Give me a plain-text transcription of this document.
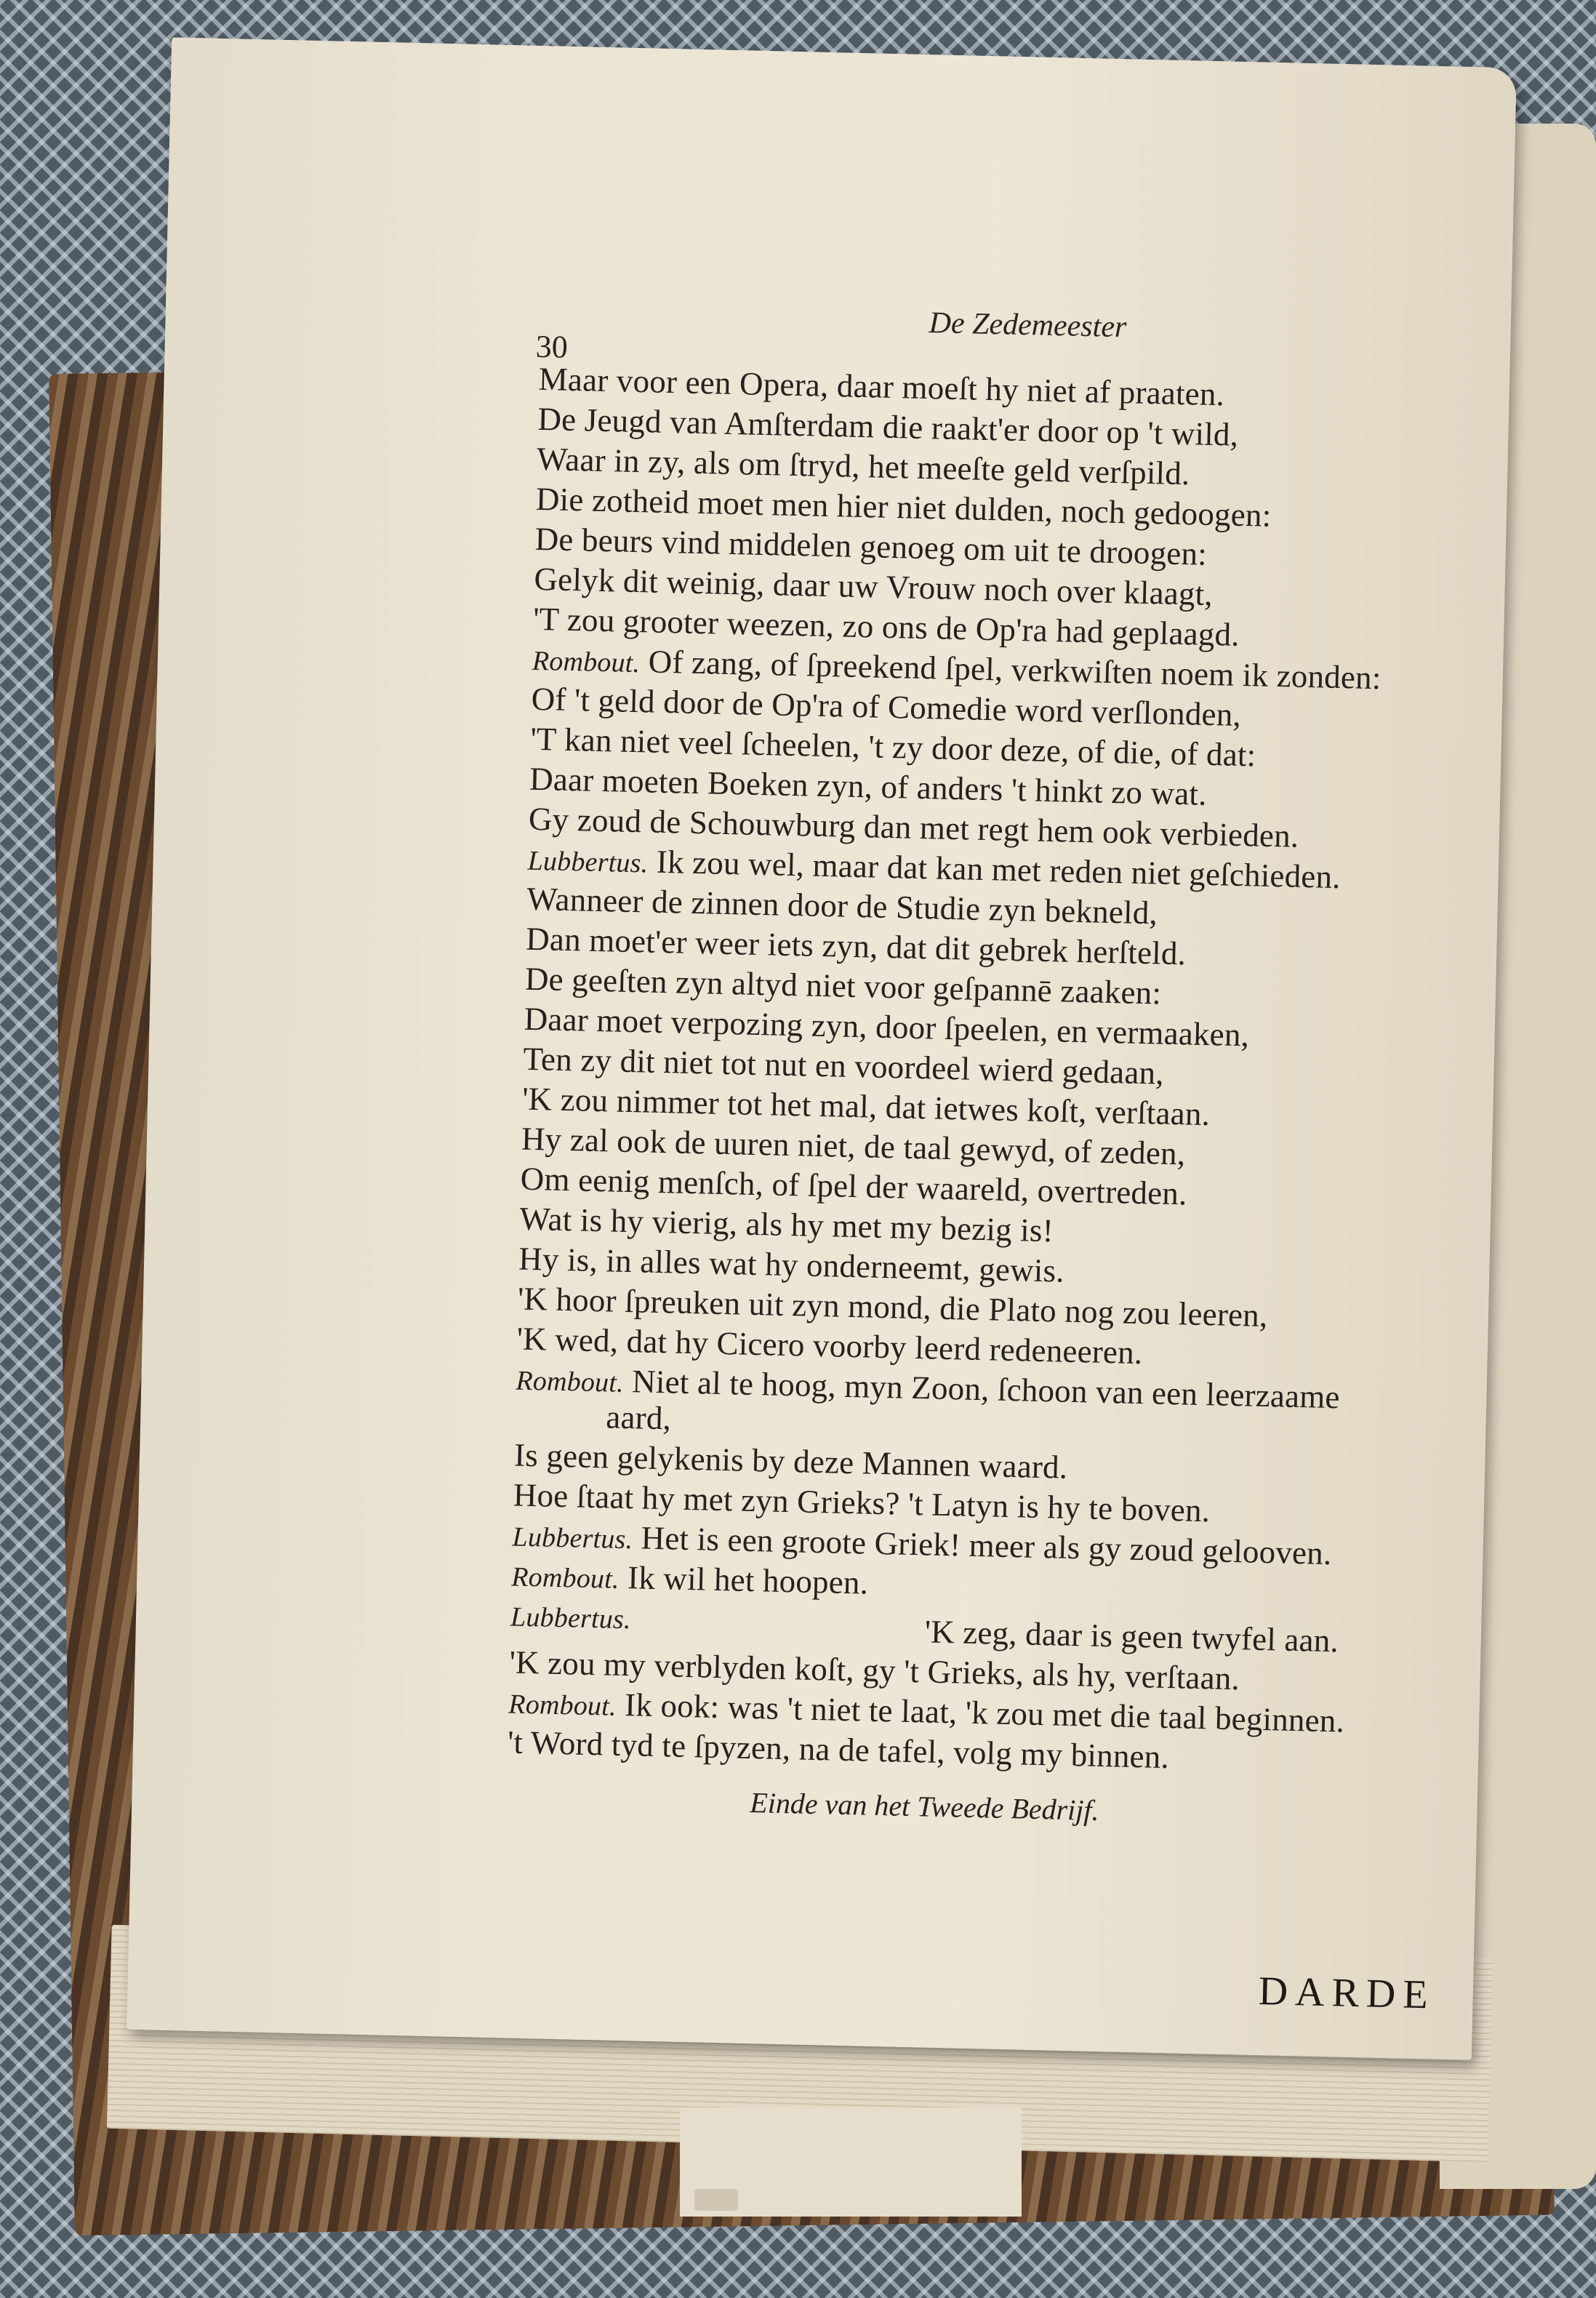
De Zedemeester
30
Maar voor een Opera, daar moeſt hy niet af praaten.
De Jeugd van Amſterdam die raakt'er door op 't wild,
Waar in zy, als om ſtryd, het meeſte geld verſpild.
Die zotheid moet men hier niet dulden, noch gedoogen:
De beurs vind middelen genoeg om uit te droogen:
Gelyk dit weinig, daar uw Vrouw noch over klaagt,
'T zou grooter weezen, zo ons de Op'ra had geplaagd.
Rombout. Of zang, of ſpreekend ſpel, verkwiſten noem ik zonden:
Of 't geld door de Op'ra of Comedie word verſlonden,
'T kan niet veel ſcheelen, 't zy door deze, of die, of dat:
Daar moeten Boeken zyn, of anders 't hinkt zo wat.
Gy zoud de Schouwburg dan met regt hem ook verbieden.
Lubbertus. Ik zou wel, maar dat kan met reden niet geſchieden.
Wanneer de zinnen door de Studie zyn bekneld,
Dan moet'er weer iets zyn, dat dit gebrek herſteld.
De geeſten zyn altyd niet voor geſpannē zaaken:
Daar moet verpozing zyn, door ſpeelen, en vermaaken,
Ten zy dit niet tot nut en voordeel wierd gedaan,
'K zou nimmer tot het mal, dat ietwes koſt, verſtaan.
Hy zal ook de uuren niet, de taal gewyd, of zeden,
Om eenig menſch, of ſpel der waareld, overtreden.
Wat is hy vierig, als hy met my bezig is!
Hy is, in alles wat hy onderneemt, gewis.
'K hoor ſpreuken uit zyn mond, die Plato nog zou leeren,
'K wed, dat hy Cicero voorby leerd redeneeren.
Rombout. Niet al te hoog, myn Zoon, ſchoon van een leerzaame
aard,
Is geen gelykenis by deze Mannen waard.
Hoe ſtaat hy met zyn Grieks? 't Latyn is hy te boven.
Lubbertus. Het is een groote Griek! meer als gy zoud gelooven.
Rombout. Ik wil het hoopen.
Lubbertus.	'K zeg, daar is geen twyfel aan.
'K zou my verblyden koſt, gy 't Grieks, als hy, verſtaan.
Rombout. Ik ook: was 't niet te laat, 'k zou met die taal beginnen.
't Word tyd te ſpyzen, na de tafel, volg my binnen.
Einde van het Tweede Bedrijf.
DARDE
